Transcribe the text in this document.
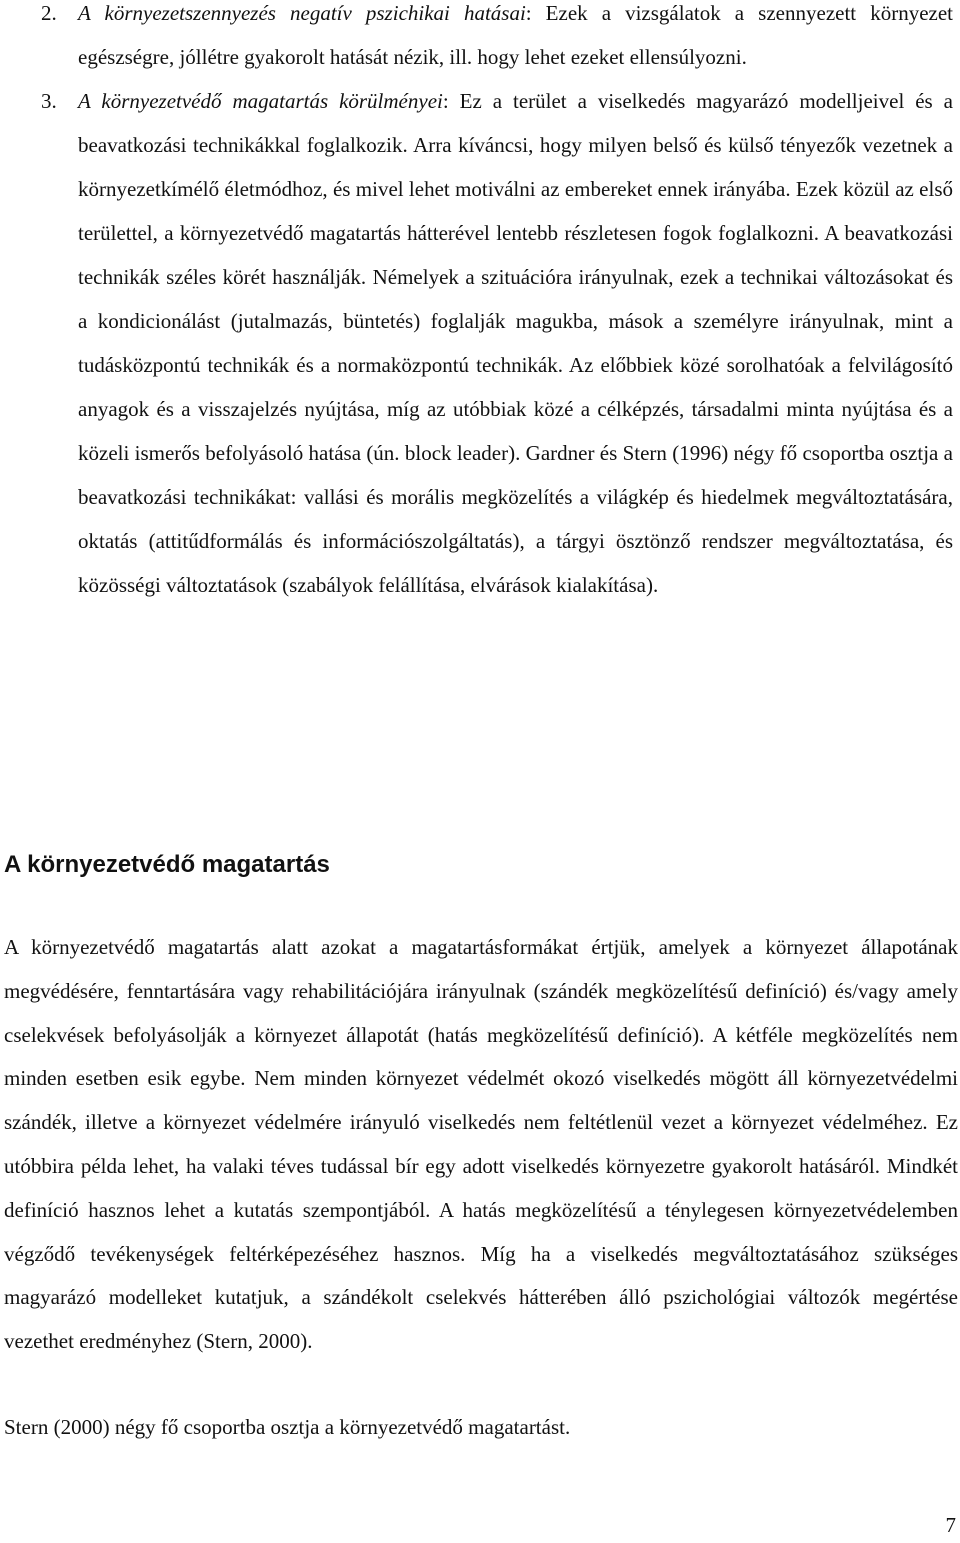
2. A környezetszennyezés negatív pszichikai hatásai: Ezek a vizsgálatok a szennyezett környezet egészségre, jóllétre gyakorolt hatását nézik, ill. hogy lehet ezeket ellensúlyozni.
3. A környezetvédő magatartás körülményei: Ez a terület a viselkedés magyarázó modelljeivel és a beavatkozási technikákkal foglalkozik. Arra kíváncsi, hogy milyen belső és külső tényezők vezetnek a környezetkímélő életmódhoz, és mivel lehet motiválni az embereket ennek irányába. Ezek közül az első területtel, a környezetvédő magatartás hátterével lentebb részletesen fogok foglalkozni. A beavatkozási technikák széles körét használják. Némelyek a szituációra irányulnak, ezek a technikai változásokat és a kondicionálást (jutalmazás, büntetés) foglalják magukba, mások a személyre irányulnak, mint a tudásközpontú technikák és a normaközpontú technikák. Az előbbiek közé sorolhatóak a felvilágosító anyagok és a visszajelzés nyújtása, míg az utóbbiak közé a célképzés, társadalmi minta nyújtása és a közeli ismerős befolyásoló hatása (ún. block leader). Gardner és Stern (1996) négy fő csoportba osztja a beavatkozási technikákat: vallási és morális megközelítés a világkép és hiedelmek megváltoztatására, oktatás (attitűdformálás és információszolgáltatás), a tárgyi ösztönző rendszer megváltoztatása, és közösségi változtatások (szabályok felállítása, elvárások kialakítása).
A környezetvédő magatartás

A környezetvédő magatartás alatt azokat a magatartásformákat értjük, amelyek a környezet állapotának megvédésére, fenntartására vagy rehabilitációjára irányulnak (szándék megközelítésű definíció) és/vagy amely cselekvések befolyásolják a környezet állapotát (hatás megközelítésű definíció). A kétféle megközelítés nem minden esetben esik egybe. Nem minden környezet védelmét okozó viselkedés mögött áll környezetvédelmi szándék, illetve a környezet védelmére irányuló viselkedés nem feltétlenül vezet a környezet védelméhez. Ez utóbbira példa lehet, ha valaki téves tudással bír egy adott viselkedés környezetre gyakorolt hatásáról. Mindkét definíció hasznos lehet a kutatás szempontjából. A hatás megközelítésű a ténylegesen környezetvédelemben végződő tevékenységek feltérképezéséhez hasznos. Míg ha a viselkedés megváltoztatásához szükséges magyarázó modelleket kutatjuk, a szándékolt cselekvés hátterében álló pszichológiai változók megértése vezethet eredményhez (Stern, 2000).

Stern (2000) négy fő csoportba osztja a környezetvédő magatartást.

7
